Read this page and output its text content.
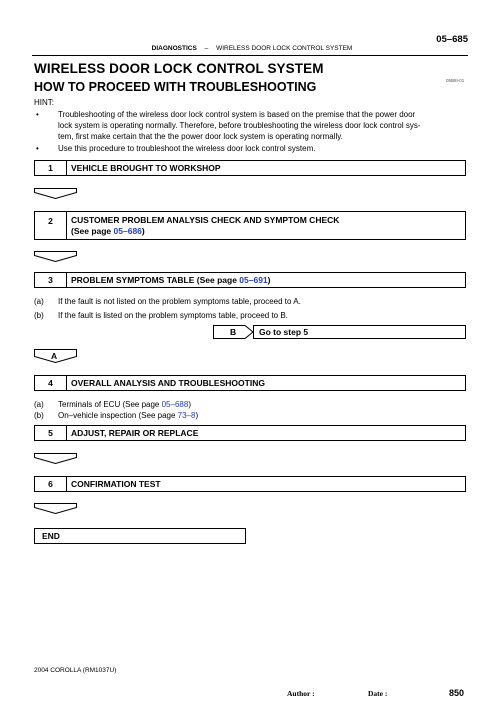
05–685
DIAGNOSTICS – WIRELESS DOOR LOCK CONTROL SYSTEM
WIRELESS DOOR LOCK CONTROL SYSTEM
05B8I-01
HOW TO PROCEED WITH TROUBLESHOOTING
HINT:
• Troubleshooting of the wireless door lock control system is based on the premise that the power door
lock system is operating normally. Therefore, before troubleshooting the wireless door lock control sys-
tem, first make certain that the the power door lock system is operating normally.
• Use this procedure to troubleshoot the wireless door lock control system.
1	VEHICLE BROUGHT TO WORKSHOP
2	CUSTOMER PROBLEM ANALYSIS CHECK AND SYMPTOM CHECK
(See page 05–686)
3	PROBLEM SYMPTOMS TABLE (See page 05–691)
(a) If the fault is not listed on the problem symptoms table, proceed to A.
(b) If the fault is listed on the problem symptoms table, proceed to B.
B	Go to step 5
A
4	OVERALL ANALYSIS AND TROUBLESHOOTING
(a) Terminals of ECU (See page 05–688)
(b) On–vehicle inspection (See page 73–8)
5	ADJUST, REPAIR OR REPLACE
6	CONFIRMATION TEST
END
2004 COROLLA (RM1037U)
Author :	Date :	850
